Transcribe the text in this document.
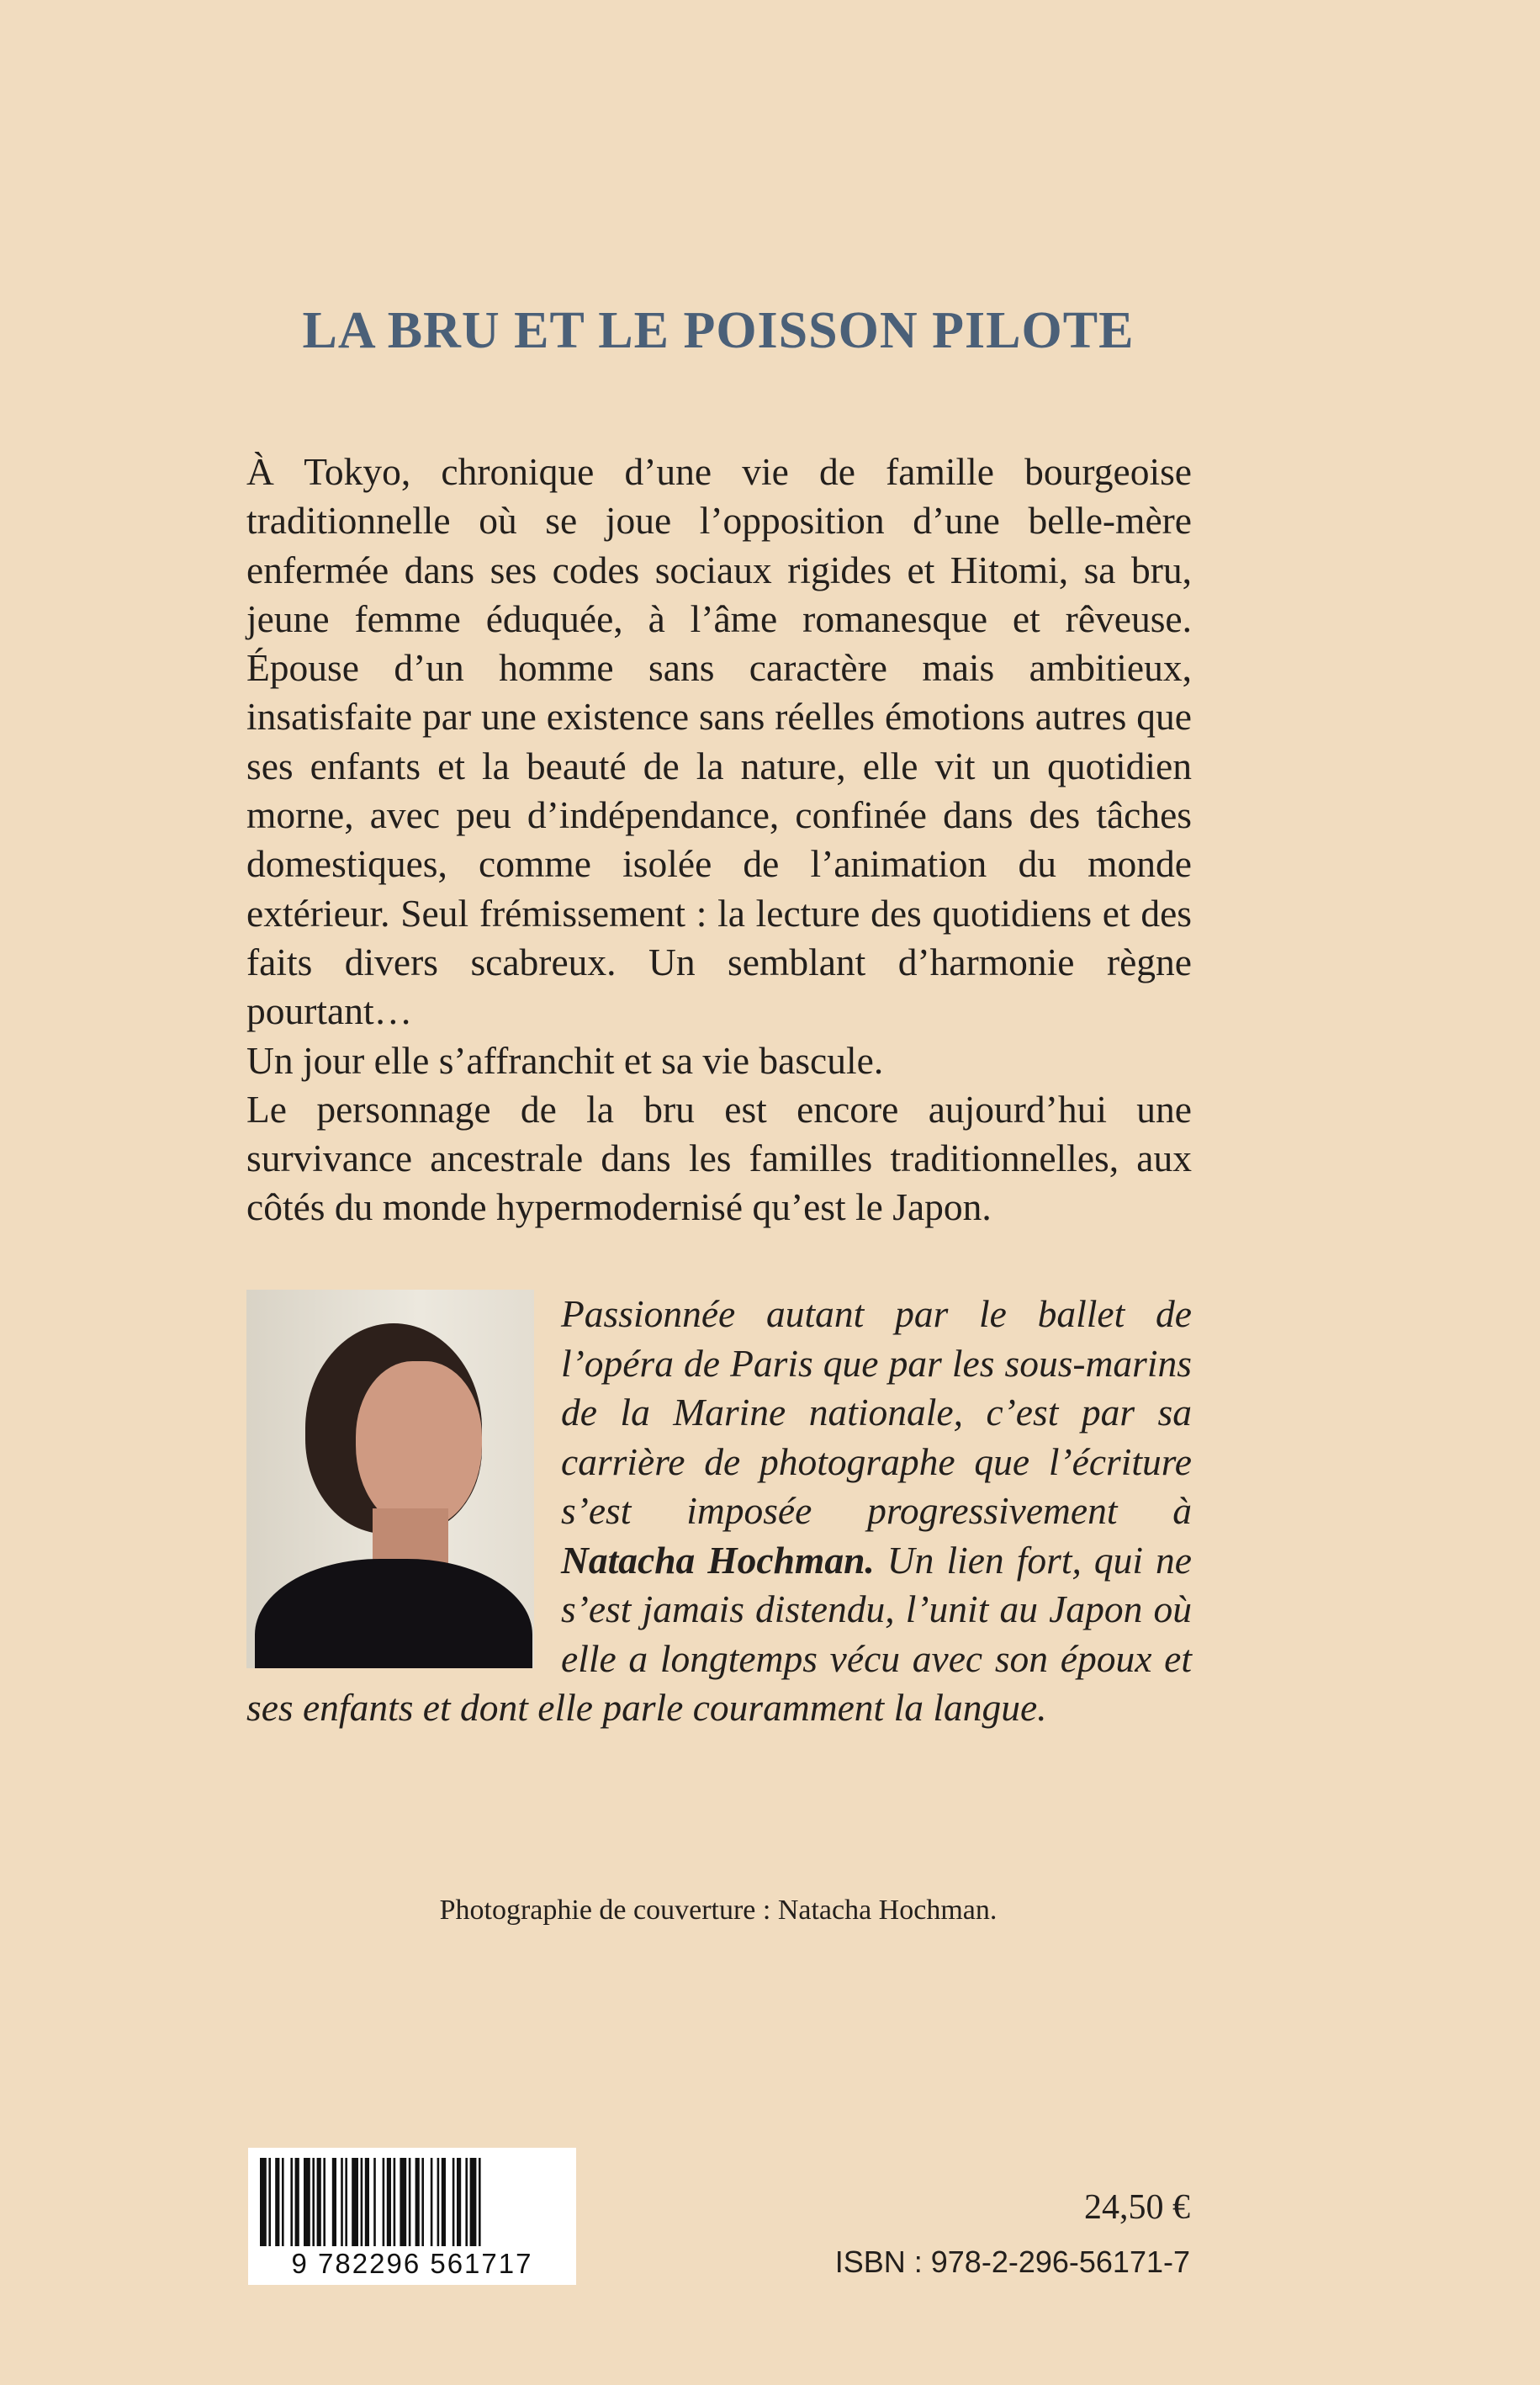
LA BRU ET LE POISSON PILOTE

À Tokyo, chronique d’une vie de famille bourgeoise traditionnelle où se joue l’opposition d’une belle-mère enfermée dans ses codes sociaux rigides et Hitomi, sa bru, jeune femme éduquée, à l’âme romanesque et rêveuse. Épouse d’un homme sans caractère mais ambitieux, insatisfaite par une existence sans réelles émotions autres que ses enfants et la beauté de la nature, elle vit un quotidien morne, avec peu d’indépendance, confinée dans des tâches domestiques, comme isolée de l’animation du monde extérieur. Seul frémissement : la lecture des quotidiens et des faits divers scabreux. Un semblant d’harmonie règne pourtant…

Un jour elle s’affranchit et sa vie bascule.

Le personnage de la bru est encore aujourd’hui une survivance ancestrale dans les familles traditionnelles, aux côtés du monde hypermodernisé qu’est le Japon.

Passionnée autant par le ballet de l’opéra de Paris que par les sous-marins de la Marine nationale, c’est par sa carrière de photographe que l’écriture s’est imposée progressivement à Natacha Hochman. Un lien fort, qui ne s’est jamais distendu, l’unit au Japon où elle a longtemps vécu avec son époux et ses enfants et dont elle parle couramment la langue.

Photographie de couverture : Natacha Hochman.

9 782296 561717

24,50 €

ISBN : 978-2-296-56171-7
